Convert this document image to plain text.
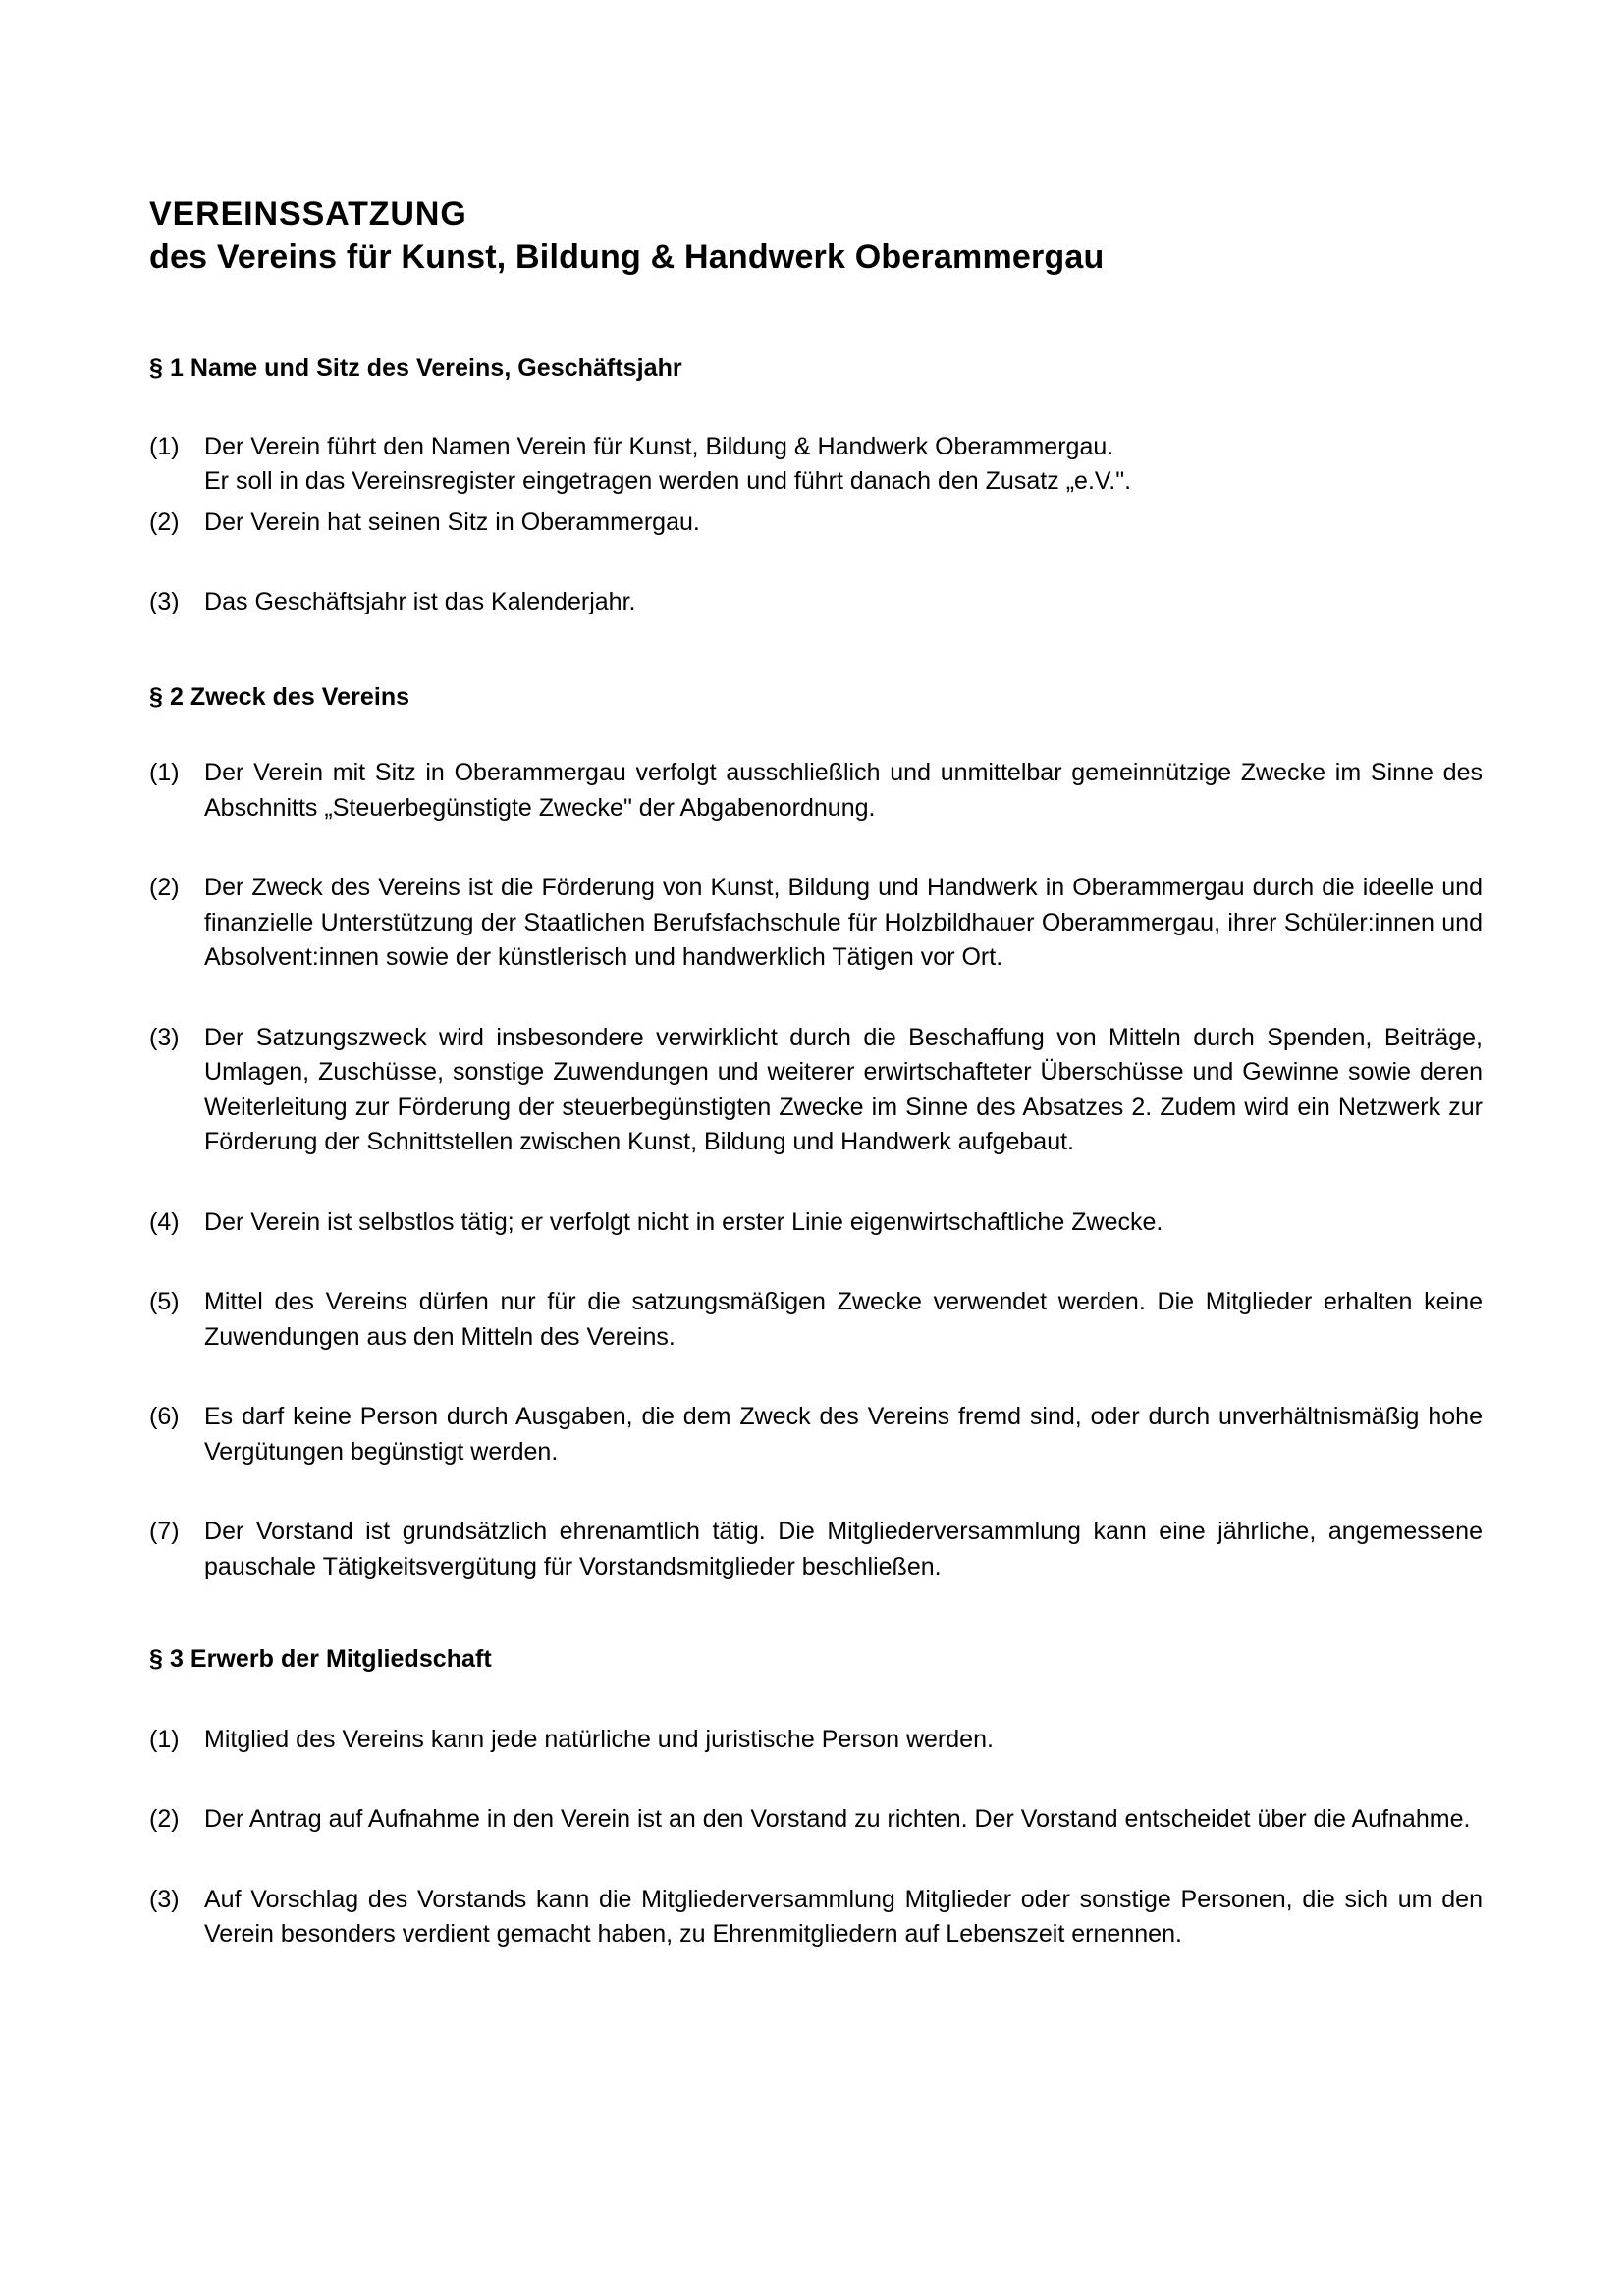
VEREINSSATZUNG
des Vereins für Kunst, Bildung & Handwerk Oberammergau
§ 1 Name und Sitz des Vereins, Geschäftsjahr
(1) Der Verein führt den Namen Verein für Kunst, Bildung & Handwerk Oberammergau.
Er soll in das Vereinsregister eingetragen werden und führt danach den Zusatz „e.V.".
(2) Der Verein hat seinen Sitz in Oberammergau.
(3) Das Geschäftsjahr ist das Kalenderjahr.
§ 2 Zweck des Vereins
(1) Der Verein mit Sitz in Oberammergau verfolgt ausschließlich und unmittelbar gemeinnützige Zwecke im Sinne des Abschnitts „Steuerbegünstigte Zwecke" der Abgabenordnung.
(2) Der Zweck des Vereins ist die Förderung von Kunst, Bildung und Handwerk in Oberammergau durch die ideelle und finanzielle Unterstützung der Staatlichen Berufsfachschule für Holzbildhauer Oberammergau, ihrer Schüler:innen und Absolvent:innen sowie der künstlerisch und handwerklich Tätigen vor Ort.
(3) Der Satzungszweck wird insbesondere verwirklicht durch die Beschaffung von Mitteln durch Spenden, Beiträge, Umlagen, Zuschüsse, sonstige Zuwendungen und weiterer erwirtschafteter Überschüsse und Gewinne sowie deren Weiterleitung zur Förderung der steuerbegünstigten Zwecke im Sinne des Absatzes 2. Zudem wird ein Netzwerk zur Förderung der Schnittstellen zwischen Kunst, Bildung und Handwerk aufgebaut.
(4) Der Verein ist selbstlos tätig; er verfolgt nicht in erster Linie eigenwirtschaftliche Zwecke.
(5) Mittel des Vereins dürfen nur für die satzungsmäßigen Zwecke verwendet werden. Die Mitglieder erhalten keine Zuwendungen aus den Mitteln des Vereins.
(6) Es darf keine Person durch Ausgaben, die dem Zweck des Vereins fremd sind, oder durch unverhältnismäßig hohe Vergütungen begünstigt werden.
(7) Der Vorstand ist grundsätzlich ehrenamtlich tätig. Die Mitgliederversammlung kann eine jährliche, angemessene pauschale Tätigkeitsvergütung für Vorstandsmitglieder beschließen.
§ 3 Erwerb der Mitgliedschaft
(1) Mitglied des Vereins kann jede natürliche und juristische Person werden.
(2) Der Antrag auf Aufnahme in den Verein ist an den Vorstand zu richten. Der Vorstand entscheidet über die Aufnahme.
(3) Auf Vorschlag des Vorstands kann die Mitgliederversammlung Mitglieder oder sonstige Personen, die sich um den Verein besonders verdient gemacht haben, zu Ehrenmitgliedern auf Lebenszeit ernennen.
